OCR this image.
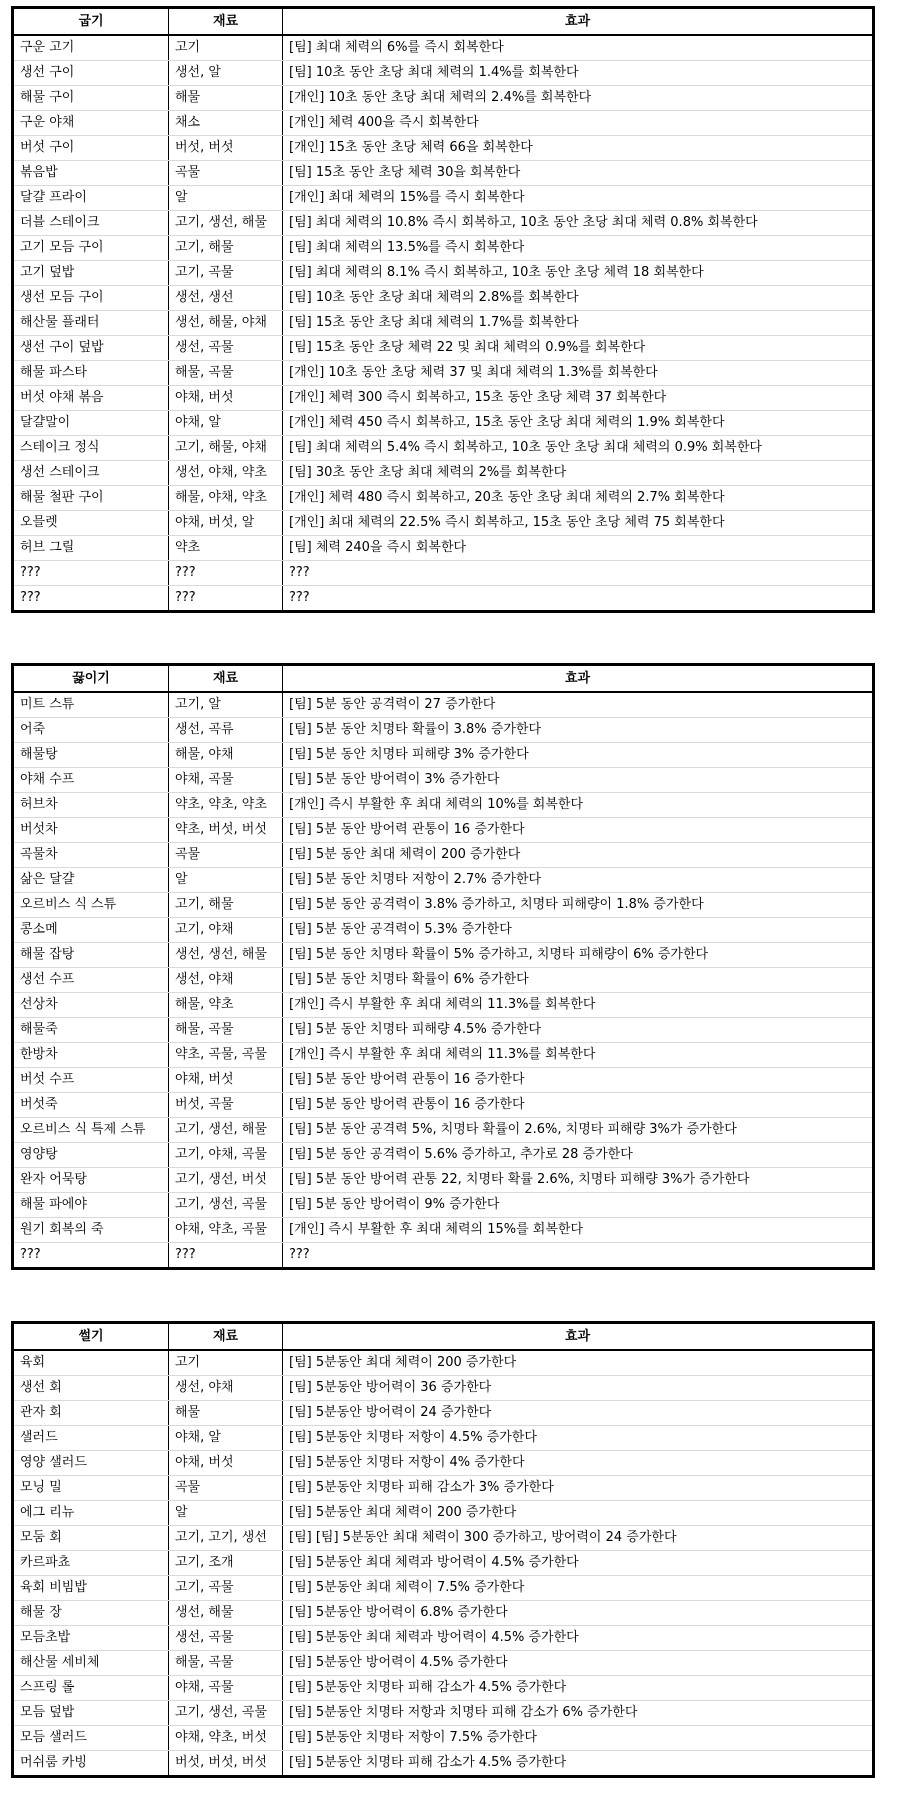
굽기	재료	효과
구운 고기	고기	[팀] 최대 체력의 6%를 즉시 회복한다
생선 구이	생선, 알	[팀] 10초 동안 초당 최대 체력의 1.4%를 회복한다
해물 구이	해물	[개인] 10초 동안 초당 최대 체력의 2.4%를 회복한다
구운 야채	채소	[개인] 체력 400을 즉시 회복한다
버섯 구이	버섯, 버섯	[개인] 15초 동안 초당 체력 66을 회복한다
볶음밥	곡물	[팀] 15초 동안 초당 체력 30을 회복한다
달걀 프라이	알	[개인] 최대 체력의 15%를 즉시 회복한다
더블 스테이크	고기, 생선, 해물	[팀] 최대 체력의 10.8% 즉시 회복하고, 10초 동안 초당 최대 체력 0.8% 회복한다
고기 모듬 구이	고기, 해물	[팀] 최대 체력의 13.5%를 즉시 회복한다
고기 덮밥	고기, 곡물	[팀] 최대 체력의 8.1% 즉시 회복하고, 10초 동안 초당 체력 18 회복한다
생선 모듬 구이	생선, 생선	[팀] 10초 동안 초당 최대 체력의 2.8%를 회복한다
해산물 플래터	생선, 해물, 야채	[팀] 15초 동안 초당 최대 체력의 1.7%를 회복한다
생선 구이 덮밥	생선, 곡물	[팀] 15초 동안 초당 체력 22 및 최대 체력의 0.9%를 회복한다
해물 파스타	해물, 곡물	[개인] 10초 동안 초당 체력 37 및 최대 체력의 1.3%를 회복한다
버섯 야채 볶음	야채, 버섯	[개인] 체력 300 즉시 회복하고, 15초 동안 초당 체력 37 회복한다
달걀말이	야채, 알	[개인] 체력 450 즉시 회복하고, 15초 동안 초당 최대 체력의 1.9% 회복한다
스테이크 정식	고기, 해물, 야채	[팀] 최대 체력의 5.4% 즉시 회복하고, 10초 동안 초당 최대 체력의 0.9% 회복한다
생선 스테이크	생선, 야채, 약초	[팀] 30초 동안 초당 최대 체력의 2%를 회복한다
해물 철판 구이	해물, 야채, 약초	[개인] 체력 480 즉시 회복하고, 20초 동안 초당 최대 체력의 2.7% 회복한다
오믈렛	야채, 버섯, 알	[개인] 최대 체력의 22.5% 즉시 회복하고, 15초 동안 초당 체력 75 회복한다
허브 그릴	약초	[팀] 체력 240을 즉시 회복한다
???	???	???
???	???	???
끓이기	재료	효과
미트 스튜	고기, 알	[팀] 5분 동안 공격력이 27 증가한다
어죽	생선, 곡류	[팀] 5분 동안 치명타 확률이 3.8% 증가한다
해물탕	해물, 야채	[팀] 5분 동안 치명타 피해량 3% 증가한다
야채 수프	야채, 곡물	[팀] 5분 동안 방어력이 3% 증가한다
허브차	약초, 약초, 약초	[개인] 즉시 부활한 후 최대 체력의 10%를 회복한다
버섯차	약초, 버섯, 버섯	[팀] 5분 동안 방어력 관통이 16 증가한다
곡물차	곡물	[팀] 5분 동안 최대 체력이 200 증가한다
삶은 달걀	알	[팀] 5분 동안 치명타 저항이 2.7% 증가한다
오르비스 식 스튜	고기, 해물	[팀] 5분 동안 공격력이 3.8% 증가하고, 치명타 피해량이 1.8% 증가한다
콩소메	고기, 야채	[팀] 5분 동안 공격력이 5.3% 증가한다
해물 잡탕	생선, 생선, 해물	[팀] 5분 동안 치명타 확률이 5% 증가하고, 치명타 피해량이 6% 증가한다
생선 수프	생선, 야채	[팀] 5분 동안 치명타 확률이 6% 증가한다
선상차	해물, 약초	[개인] 즉시 부활한 후 최대 체력의 11.3%를 회복한다
해물죽	해물, 곡물	[팀] 5분 동안 치명타 피해량 4.5% 증가한다
한방차	약초, 곡물, 곡물	[개인] 즉시 부활한 후 최대 체력의 11.3%를 회복한다
버섯 수프	야채, 버섯	[팀] 5분 동안 방어력 관통이 16 증가한다
버섯죽	버섯, 곡물	[팀] 5분 동안 방어력 관통이 16 증가한다
오르비스 식 특제 스튜	고기, 생선, 해물	[팀] 5분 동안 공격력 5%, 치명타 확률이 2.6%, 치명타 피해량 3%가 증가한다
영양탕	고기, 야채, 곡물	[팀] 5분 동안 공격력이 5.6% 증가하고, 추가로 28 증가한다
완자 어묵탕	고기, 생선, 버섯	[팀] 5분 동안 방어력 관통 22, 치명타 확률 2.6%, 치명타 피해량 3%가 증가한다
해물 파에야	고기, 생선, 곡물	[팀] 5분 동안 방어력이 9% 증가한다
원기 회복의 죽	야채, 약초, 곡물	[개인] 즉시 부활한 후 최대 체력의 15%를 회복한다
???	???	???
썰기	재료	효과
육회	고기	[팀] 5분동안 최대 체력이 200 증가한다
생선 회	생선, 야채	[팀] 5분동안 방어력이 36 증가한다
관자 회	해물	[팀] 5분동안 방어력이 24 증가한다
샐러드	야채, 알	[팀] 5분동안 치명타 저항이 4.5% 증가한다
영양 샐러드	야채, 버섯	[팀] 5분동안 치명타 저항이 4% 증가한다
모닝 밀	곡물	[팀] 5분동안 치명타 피해 감소가 3% 증가한다
에그 리뉴	알	[팀] 5분동안 최대 체력이 200 증가한다
모둠 회	고기, 고기, 생선	[팀] [팀] 5분동안 최대 체력이 300 증가하고, 방어력이 24 증가한다
카르파쵸	고기, 조개	[팀] 5분동안 최대 체력과 방어력이 4.5% 증가한다
육회 비빔밥	고기, 곡물	[팀] 5분동안 최대 체력이 7.5% 증가한다
해물 장	생선, 해물	[팀] 5분동안 방어력이 6.8% 증가한다
모듬초밥	생선, 곡물	[팀] 5분동안 최대 체력과 방어력이 4.5% 증가한다
해산물 세비체	해물, 곡물	[팀] 5분동안 방어력이 4.5% 증가한다
스프링 롤	야채, 곡물	[팀] 5분동안 치명타 피해 감소가 4.5% 증가한다
모듬 덮밥	고기, 생선, 곡물	[팀] 5분동안 치명타 저항과 치명타 피해 감소가 6% 증가한다
모듬 샐러드	야채, 약초, 버섯	[팀] 5분동안 치명타 저항이 7.5% 증가한다
머쉬룸 카빙	버섯, 버섯, 버섯	[팀] 5분동안 치명타 피해 감소가 4.5% 증가한다
